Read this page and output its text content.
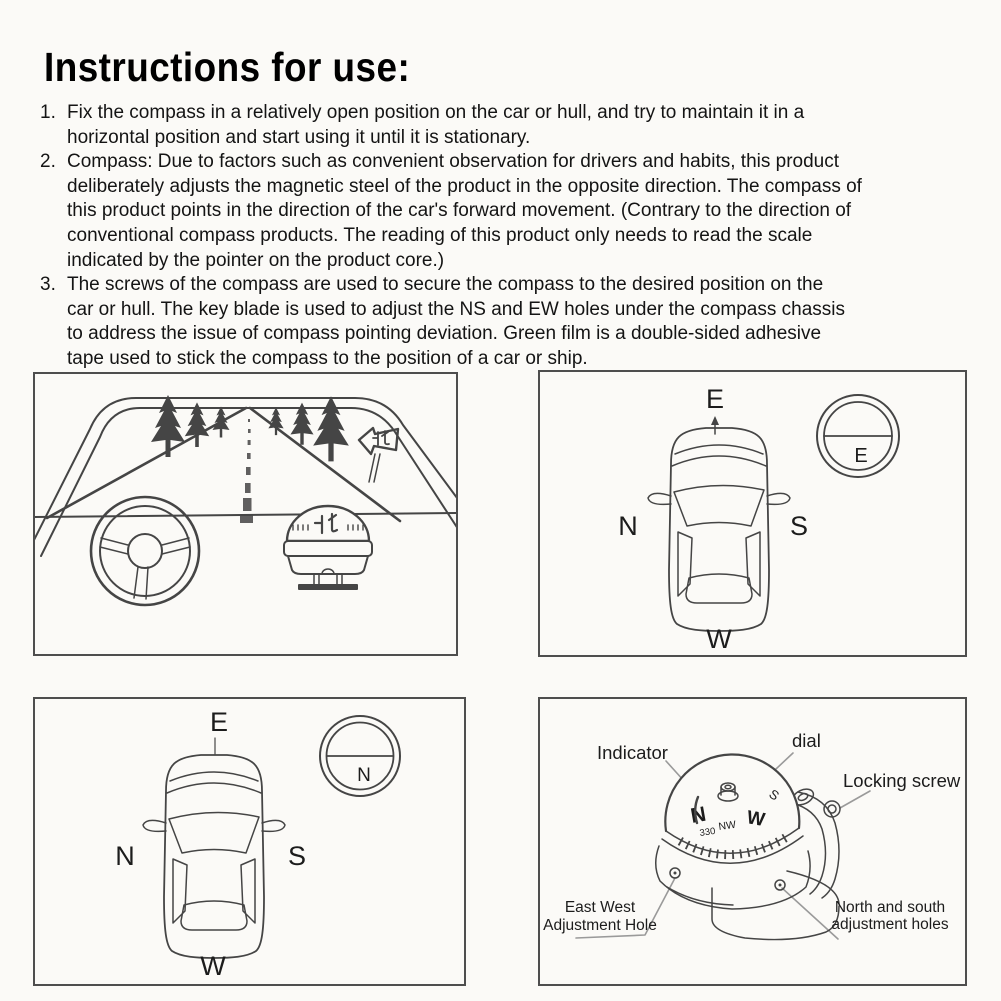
Instructions for use:
1. Fix the compass in a relatively open position on the car or hull, and try to maintain it in a
horizontal position and start using it until it is stationary.
2. Compass: Due to factors such as convenient observation for drivers and habits, this product
deliberately adjusts the magnetic steel of the product in the opposite direction. The compass of
this product points in the direction of the car's forward movement. (Contrary to the direction of
conventional compass products. The reading of this product only needs to read the scale
indicated by the pointer on the product core.)
3. The screws of the compass are used to secure the compass to the desired position on the
car or hull. The key blade is used to adjust the NS and EW holes under the compass chassis
to address the issue of compass pointing deviation. Green film is a double-sided adhesive
tape used to stick the compass to the position of a car or ship.
E
N	S
W
E
E
N	S
W
N
N
330 NW W
S
Indicator
dial
Locking screw
East West
Adjustment Hole
North and south
adjustment holes
